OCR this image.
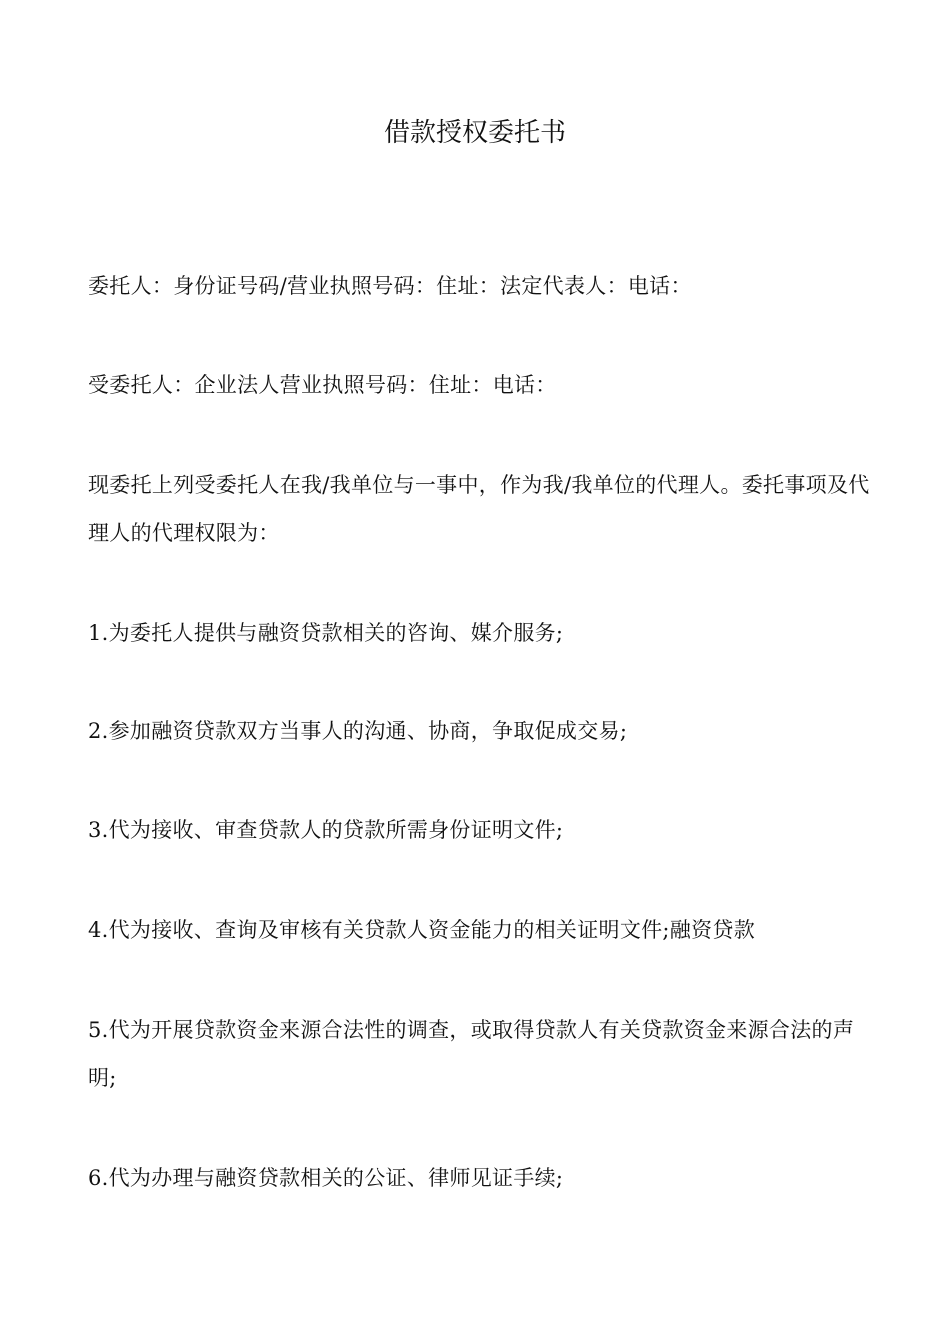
借款授权委托书
委托人：身份证号码/营业执照号码：住址：法定代表人：电话：
受委托人：企业法人营业执照号码：住址：电话：
现委托上列受委托人在我/我单位与一事中，作为我/我单位的代理人。委托事项及代理人的代理权限为：
1.为委托人提供与融资贷款相关的咨询、媒介服务;
2.参加融资贷款双方当事人的沟通、协商，争取促成交易;
3.代为接收、审查贷款人的贷款所需身份证明文件;
4.代为接收、查询及审核有关贷款人资金能力的相关证明文件;融资贷款
5.代为开展贷款资金来源合法性的调查，或取得贷款人有关贷款资金来源合法的声明;
6.代为办理与融资贷款相关的公证、律师见证手续;
